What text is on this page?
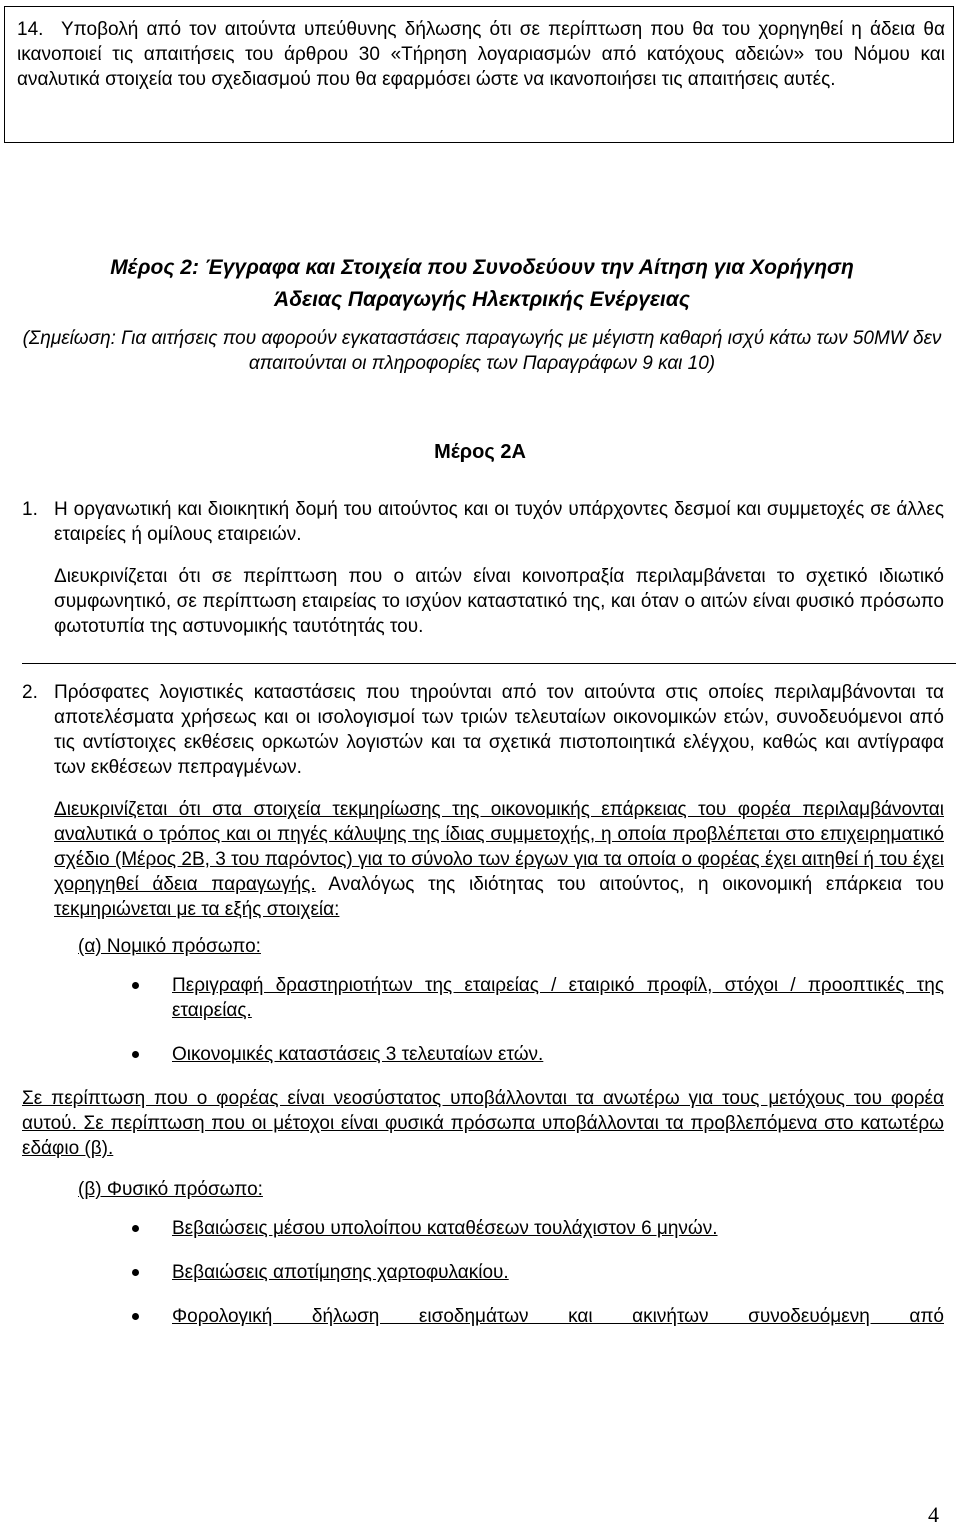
14. Υποβολή από τον αιτούντα υπεύθυνης δήλωσης ότι σε περίπτωση που θα του χορηγηθεί η άδεια θα ικανοποιεί τις απαιτήσεις του άρθρου 30 «Τήρηση λογαριασμών από κατόχους αδειών» του Νόμου και αναλυτικά στοιχεία του σχεδιασμού που θα εφαρμόσει ώστε να ικανοποιήσει τις απαιτήσεις αυτές.
Μέρος 2: Έγγραφα και Στοιχεία που Συνοδεύουν την Αίτηση για Χορήγηση
Άδειας Παραγωγής Ηλεκτρικής Ενέργειας
(Σημείωση: Για αιτήσεις που αφορούν εγκαταστάσεις παραγωγής με μέγιστη καθαρή ισχύ κάτω των 50MW δεν απαιτούνται οι πληροφορίες των Παραγράφων 9 και 10)
Μέρος 2Α
1. Η οργανωτική και διοικητική δομή του αιτούντος και οι τυχόν υπάρχοντες δεσμοί και συμμετοχές σε άλλες εταιρείες ή ομίλους εταιρειών.
Διευκρινίζεται ότι σε περίπτωση που ο αιτών είναι κοινοπραξία περιλαμβάνεται το σχετικό ιδιωτικό συμφωνητικό, σε περίπτωση εταιρείας το ισχύον καταστατικό της, και όταν ο αιτών είναι φυσικό πρόσωπο φωτοτυπία της αστυνομικής ταυτότητάς του.
2. Πρόσφατες λογιστικές καταστάσεις που τηρούνται από τον αιτούντα στις οποίες περιλαμβάνονται τα αποτελέσματα χρήσεως και οι ισολογισμοί των τριών τελευταίων οικονομικών ετών, συνοδευόμενοι από τις αντίστοιχες εκθέσεις ορκωτών λογιστών και τα σχετικά πιστοποιητικά ελέγχου, καθώς και αντίγραφα των εκθέσεων πεπραγμένων.
Διευκρινίζεται ότι στα στοιχεία τεκμηρίωσης της οικονομικής επάρκειας του φορέα περιλαμβάνονται αναλυτικά ο τρόπος και οι πηγές κάλυψης της ίδιας συμμετοχής, η οποία προβλέπεται στο επιχειρηματικό σχέδιο (Μέρος 2Β, 3 του παρόντος) για το σύνολο των έργων για τα οποία ο φορέας έχει αιτηθεί ή του έχει χορηγηθεί άδεια παραγωγής. Αναλόγως της ιδιότητας του αιτούντος, η οικονομική επάρκεια του τεκμηριώνεται με τα εξής στοιχεία:
(α) Νομικό πρόσωπο:
Περιγραφή δραστηριοτήτων της εταιρείας / εταιρικό προφίλ, στόχοι / προοπτικές της εταιρείας.
Οικονομικές καταστάσεις 3 τελευταίων ετών.
Σε περίπτωση που ο φορέας είναι νεοσύστατος υποβάλλονται τα ανωτέρω για τους μετόχους του φορέα αυτού. Σε περίπτωση που οι μέτοχοι είναι φυσικά πρόσωπα υποβάλλονται τα προβλεπόμενα στο κατωτέρω εδάφιο (β).
(β) Φυσικό πρόσωπο:
Βεβαιώσεις μέσου υπολοίπου καταθέσεων τουλάχιστον 6 μηνών.
Βεβαιώσεις αποτίμησης χαρτοφυλακίου.
Φορολογική δήλωση εισοδημάτων και ακινήτων συνοδευόμενη από
4
